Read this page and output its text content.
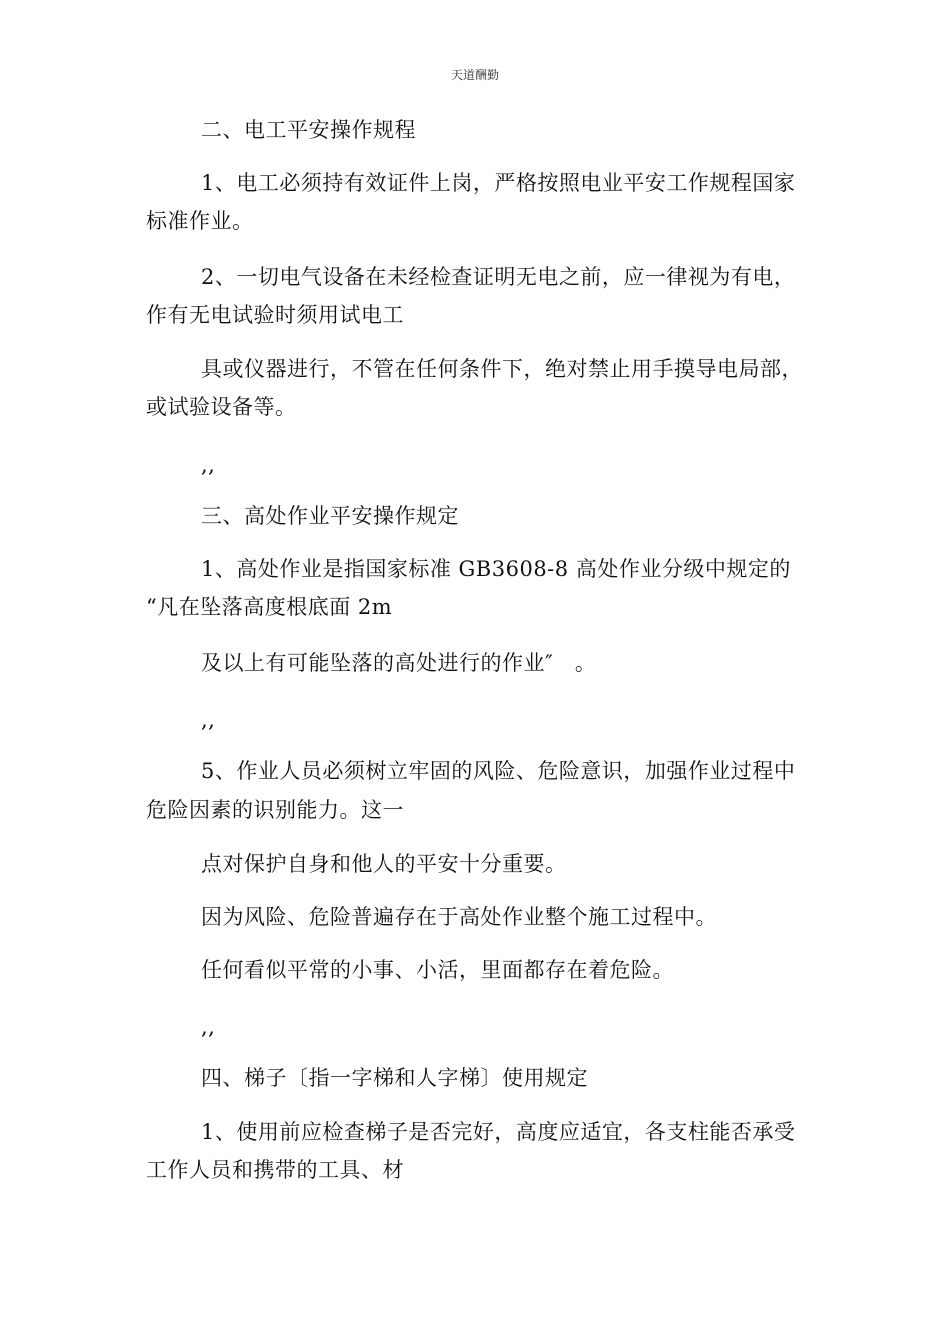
天道酬勤
二、电工平安操作规程
1、电工必须持有效证件上岗，严格按照电业平安工作规程国家
标准作业。
2、一切电气设备在未经检查证明无电之前，应一律视为有电，
作有无电试验时须用试电工
具或仪器进行，不管在任何条件下，绝对禁止用手摸导电局部，
或试验设备等。
,,
三、高处作业平安操作规定
1、高处作业是指国家标准 GB3608-8 高处作业分级中规定的
“凡在坠落高度根底面 2m
及以上有可能坠落的高处进行的作业″　。
,,
5、作业人员必须树立牢固的风险、危险意识，加强作业过程中
危险因素的识别能力。这一
点对保护自身和他人的平安十分重要。
因为风险、危险普遍存在于高处作业整个施工过程中。
任何看似平常的小事、小活，里面都存在着危险。
,,
四、梯子〔指一字梯和人字梯〕使用规定
1、使用前应检查梯子是否完好，高度应适宜，各支柱能否承受
工作人员和携带的工具、材
